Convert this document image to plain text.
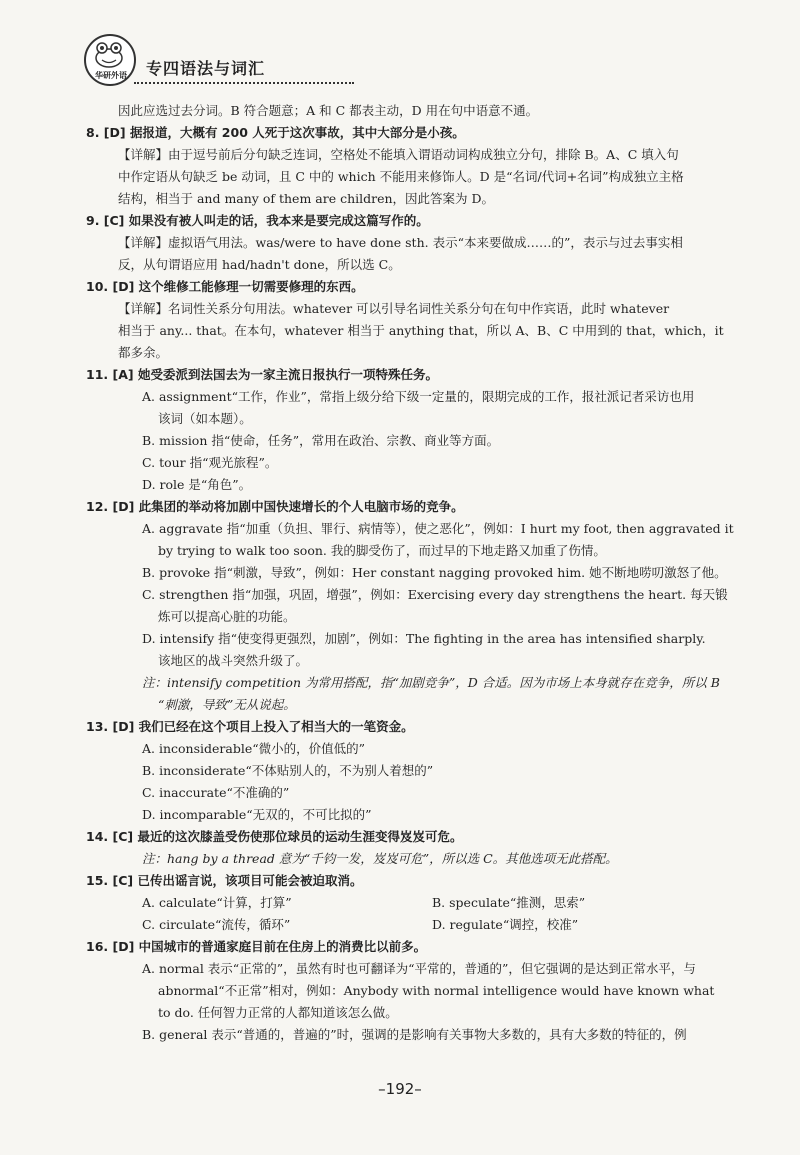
华研外语	专四语法与词汇
因此应选过去分词。B 符合题意；A 和 C 都表主动，D 用在句中语意不通。
8. [D] 据报道，大概有 200 人死于这次事故，其中大部分是小孩。
【详解】由于逗号前后分句缺乏连词，空格处不能填入谓语动词构成独立分句，排除 B。A、C 填入句
中作定语从句缺乏 be 动词，且 C 中的 which 不能用来修饰人。D 是“名词/代词+名词”构成独立主格
结构，相当于 and many of them are children，因此答案为 D。
9. [C] 如果没有被人叫走的话，我本来是要完成这篇写作的。
【详解】虚拟语气用法。was/were to have done sth. 表示“本来要做成……的”，表示与过去事实相
反，从句谓语应用 had/hadn't done，所以选 C。
10. [D] 这个维修工能修理一切需要修理的东西。
【详解】名词性关系分句用法。whatever 可以引导名词性关系分句在句中作宾语，此时 whatever
相当于 any... that。在本句，whatever 相当于 anything that，所以 A、B、C 中用到的 that，which，it
都多余。
11. [A] 她受委派到法国去为一家主流日报执行一项特殊任务。
A. assignment“工作，作业”，常指上级分给下级一定量的，限期完成的工作，报社派记者采访也用
该词（如本题）。
B. mission 指“使命，任务”，常用在政治、宗教、商业等方面。
C. tour 指“观光旅程”。
D. role 是“角色”。
12. [D] 此集团的举动将加剧中国快速增长的个人电脑市场的竞争。
A. aggravate 指“加重（负担、罪行、病情等），使之恶化”，例如：I hurt my foot, then aggravated it
by trying to walk too soon. 我的脚受伤了，而过早的下地走路又加重了伤情。
B. provoke 指“刺激，导致”，例如：Her constant nagging provoked him. 她不断地唠叨激怒了他。
C. strengthen 指“加强，巩固，增强”，例如：Exercising every day strengthens the heart. 每天锻
炼可以提高心脏的功能。
D. intensify 指“使变得更强烈，加剧”，例如：The fighting in the area has intensified sharply.
该地区的战斗突然升级了。
注：intensify competition 为常用搭配，指“加剧竞争”，D 合适。因为市场上本身就存在竞争，所以 B
“刺激，导致”无从说起。
13. [D] 我们已经在这个项目上投入了相当大的一笔资金。
A. inconsiderable“微小的，价值低的”
B. inconsiderate“不体贴别人的，不为别人着想的”
C. inaccurate“不准确的”
D. incomparable“无双的，不可比拟的”
14. [C] 最近的这次膝盖受伤使那位球员的运动生涯变得岌岌可危。
注：hang by a thread 意为“千钧一发，岌岌可危”，所以选 C。其他选项无此搭配。
15. [C] 已传出谣言说，该项目可能会被迫取消。
A. calculate“计算，打算”	B. speculate“推测，思索”
C. circulate“流传，循环”	D. regulate“调控，校准”
16. [D] 中国城市的普通家庭目前在住房上的消费比以前多。
A. normal 表示“正常的”，虽然有时也可翻译为“平常的，普通的”，但它强调的是达到正常水平，与
abnormal“不正常”相对，例如：Anybody with normal intelligence would have known what
to do. 任何智力正常的人都知道该怎么做。
B. general 表示“普通的，普遍的”时，强调的是影响有关事物大多数的，具有大多数的特征的，例
–192–
